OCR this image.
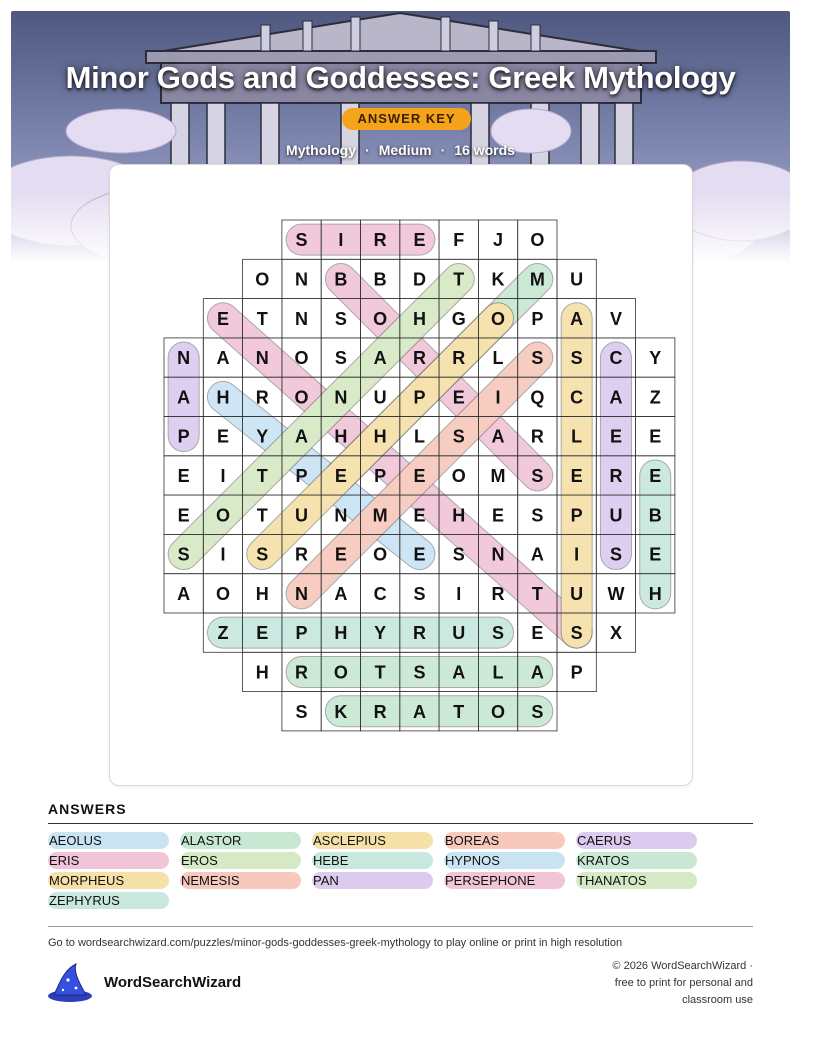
Minor Gods and Goddesses: Greek Mythology
ANSWER KEY
Mythology · Medium · 16 words
S I R E F J O
O N B B D T K M U
E T N S O H G O P A V
N A N O S A R R L S S C Y
A H R O N U P E I Q C A Z
P E Y A H H L S A R L E E
E I T P E P E O M S E R E
E O T U N M E H E S P U B
S I S R E O E S N A I S E
A O H N A C S I R T U W H
Z E P H Y R U S E S X
H R O T S A L A P
S K R A T O S
ANSWERS
AEOLUS	ALASTOR	ASCLEPIUS	BOREAS	CAERUS
ERIS	EROS	HEBE	HYPNOS	KRATOS
MORPHEUS	NEMESIS	PAN	PERSEPHONE	THANATOS
ZEPHYRUS
Go to wordsearchwizard.com/puzzles/minor-gods-goddesses-greek-mythology to play online or print in high resolution
WordSearchWizard
© 2026 WordSearchWizard ·
free to print for personal and
classroom use
